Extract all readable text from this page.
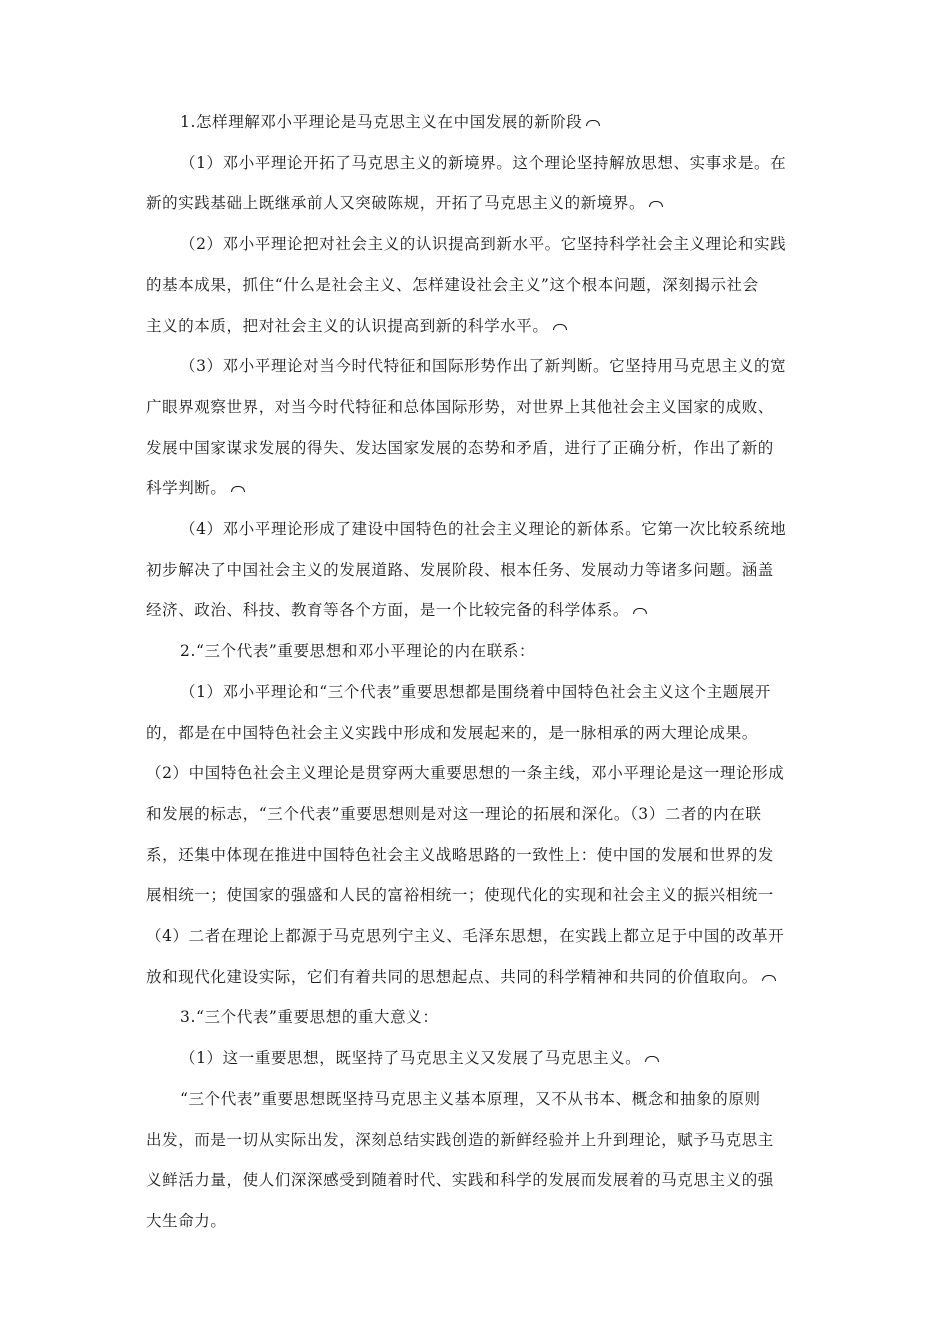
1.怎样理解邓小平理论是马克思主义在中国发展的新阶段
（1）邓小平理论开拓了马克思主义的新境界。这个理论坚持解放思想、实事求是。在
新的实践基础上既继承前人又突破陈规，开拓了马克思主义的新境界。
（2）邓小平理论把对社会主义的认识提高到新水平。它坚持科学社会主义理论和实践
的基本成果，抓住“什么是社会主义、怎样建设社会主义”这个根本问题，深刻揭示社会
主义的本质，把对社会主义的认识提高到新的科学水平。
（3）邓小平理论对当今时代特征和国际形势作出了新判断。它坚持用马克思主义的宽
广眼界观察世界，对当今时代特征和总体国际形势，对世界上其他社会主义国家的成败、
发展中国家谋求发展的得失、发达国家发展的态势和矛盾，进行了正确分析，作出了新的
科学判断。
（4）邓小平理论形成了建设中国特色的社会主义理论的新体系。它第一次比较系统地
初步解决了中国社会主义的发展道路、发展阶段、根本任务、发展动力等诸多问题。涵盖
经济、政治、科技、教育等各个方面，是一个比较完备的科学体系。
2.“三个代表”重要思想和邓小平理论的内在联系：
（1）邓小平理论和“三个代表”重要思想都是围绕着中国特色社会主义这个主题展开
的，都是在中国特色社会主义实践中形成和发展起来的，是一脉相承的两大理论成果。
（2）中国特色社会主义理论是贯穿两大重要思想的一条主线，邓小平理论是这一理论形成
和发展的标志，“三个代表”重要思想则是对这一理论的拓展和深化。（3）二者的内在联
系，还集中体现在推进中国特色社会主义战略思路的一致性上：使中国的发展和世界的发
展相统一；使国家的强盛和人民的富裕相统一；使现代化的实现和社会主义的振兴相统一
（4）二者在理论上都源于马克思列宁主义、毛泽东思想，在实践上都立足于中国的改革开
放和现代化建设实际，它们有着共同的思想起点、共同的科学精神和共同的价值取向。
3.“三个代表”重要思想的重大意义：
（1）这一重要思想，既坚持了马克思主义又发展了马克思主义。
“三个代表”重要思想既坚持马克思主义基本原理，又不从书本、概念和抽象的原则
出发，而是一切从实际出发，深刻总结实践创造的新鲜经验并上升到理论，赋予马克思主
义鲜活力量，使人们深深感受到随着时代、实践和科学的发展而发展着的马克思主义的强
大生命力。
